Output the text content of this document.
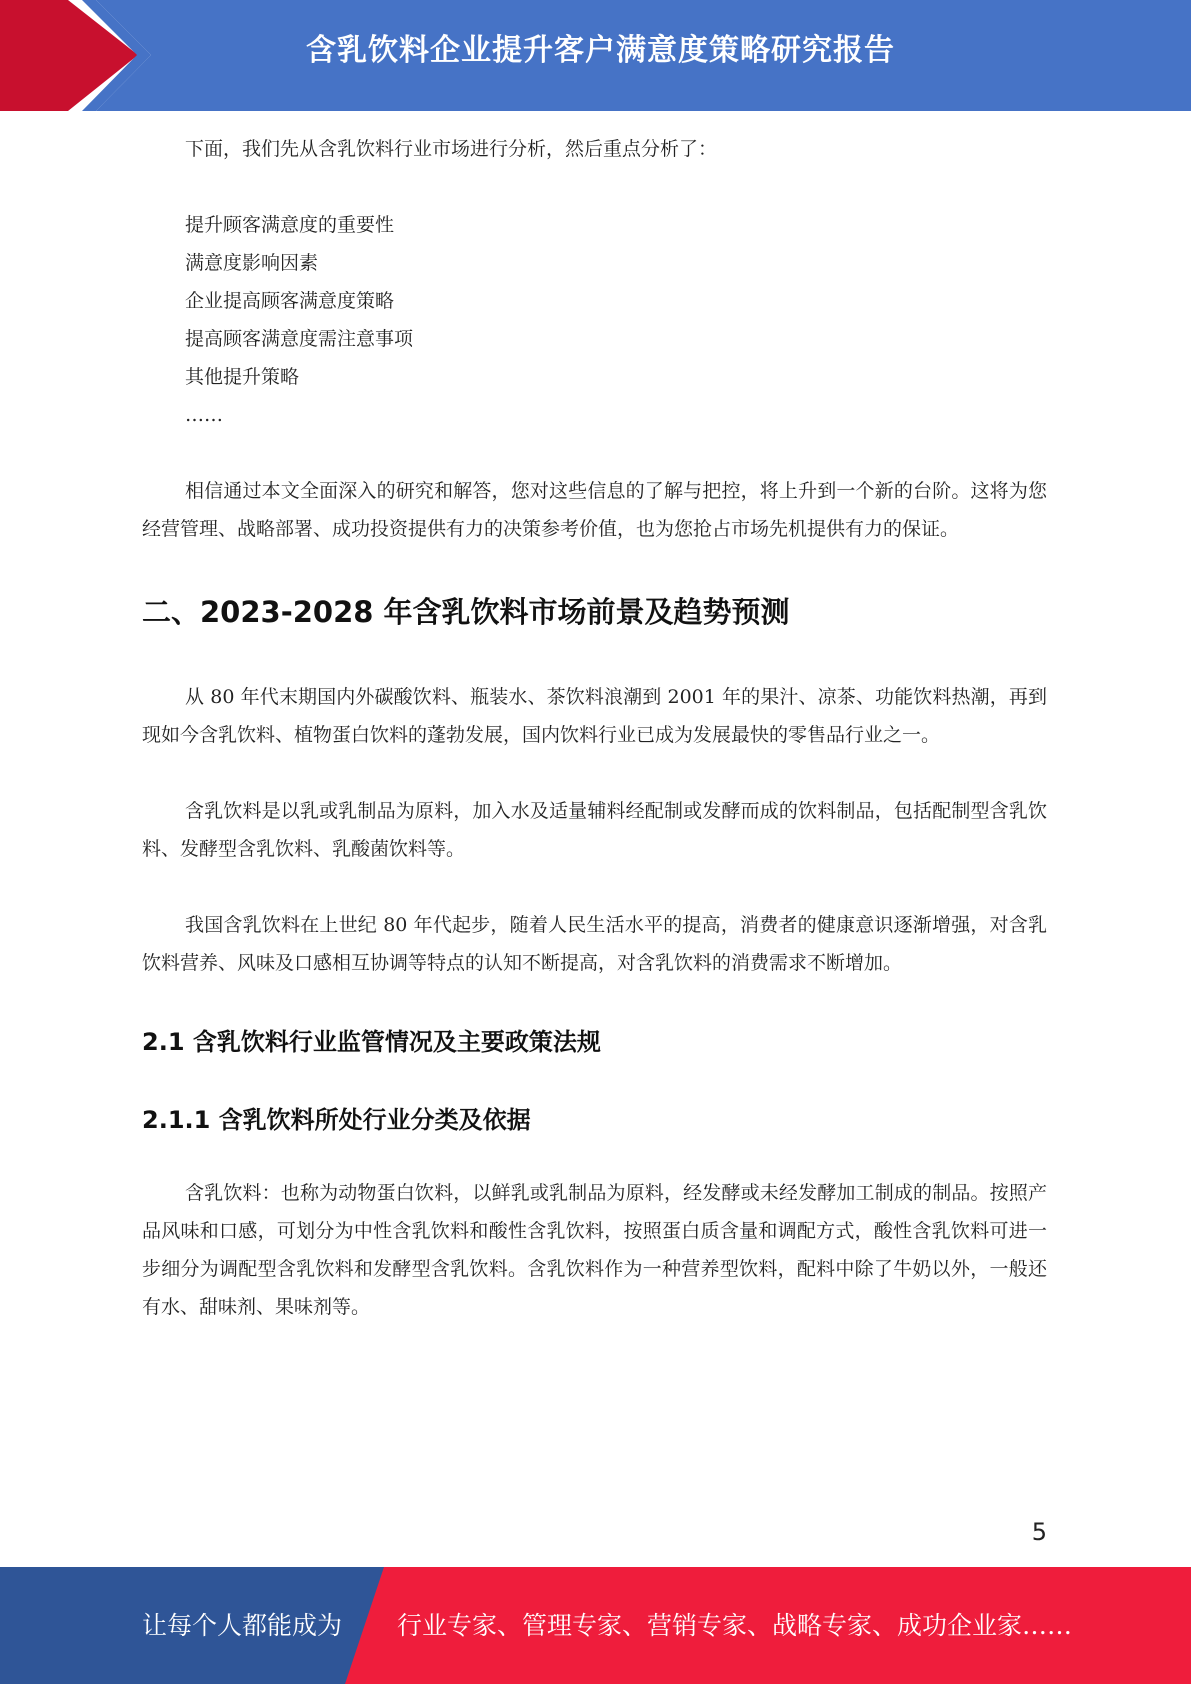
含乳饮料企业提升客户满意度策略研究报告

下面，我们先从含乳饮料行业市场进行分析，然后重点分析了：

提升顾客满意度的重要性
满意度影响因素
企业提高顾客满意度策略
提高顾客满意度需注意事项
其他提升策略
……

相信通过本文全面深入的研究和解答，您对这些信息的了解与把控，将上升到一个新的台阶。这将为您经营管理、战略部署、成功投资提供有力的决策参考价值，也为您抢占市场先机提供有力的保证。

二、2023-2028 年含乳饮料市场前景及趋势预测

从 80 年代末期国内外碳酸饮料、瓶装水、茶饮料浪潮到 2001 年的果汁、凉茶、功能饮料热潮，再到现如今含乳饮料、植物蛋白饮料的蓬勃发展，国内饮料行业已成为发展最快的零售品行业之一。

含乳饮料是以乳或乳制品为原料，加入水及适量辅料经配制或发酵而成的饮料制品，包括配制型含乳饮料、发酵型含乳饮料、乳酸菌饮料等。

我国含乳饮料在上世纪 80 年代起步，随着人民生活水平的提高，消费者的健康意识逐渐增强，对含乳饮料营养、风味及口感相互协调等特点的认知不断提高，对含乳饮料的消费需求不断增加。

2.1 含乳饮料行业监管情况及主要政策法规
2.1.1 含乳饮料所处行业分类及依据

含乳饮料：也称为动物蛋白饮料，以鲜乳或乳制品为原料，经发酵或未经发酵加工制成的制品。按照产品风味和口感，可划分为中性含乳饮料和酸性含乳饮料，按照蛋白质含量和调配方式，酸性含乳饮料可进一步细分为调配型含乳饮料和发酵型含乳饮料。含乳饮料作为一种营养型饮料，配料中除了牛奶以外，一般还有水、甜味剂、果味剂等。

5
让每个人都能成为 行业专家、管理专家、营销专家、战略专家、成功企业家……
